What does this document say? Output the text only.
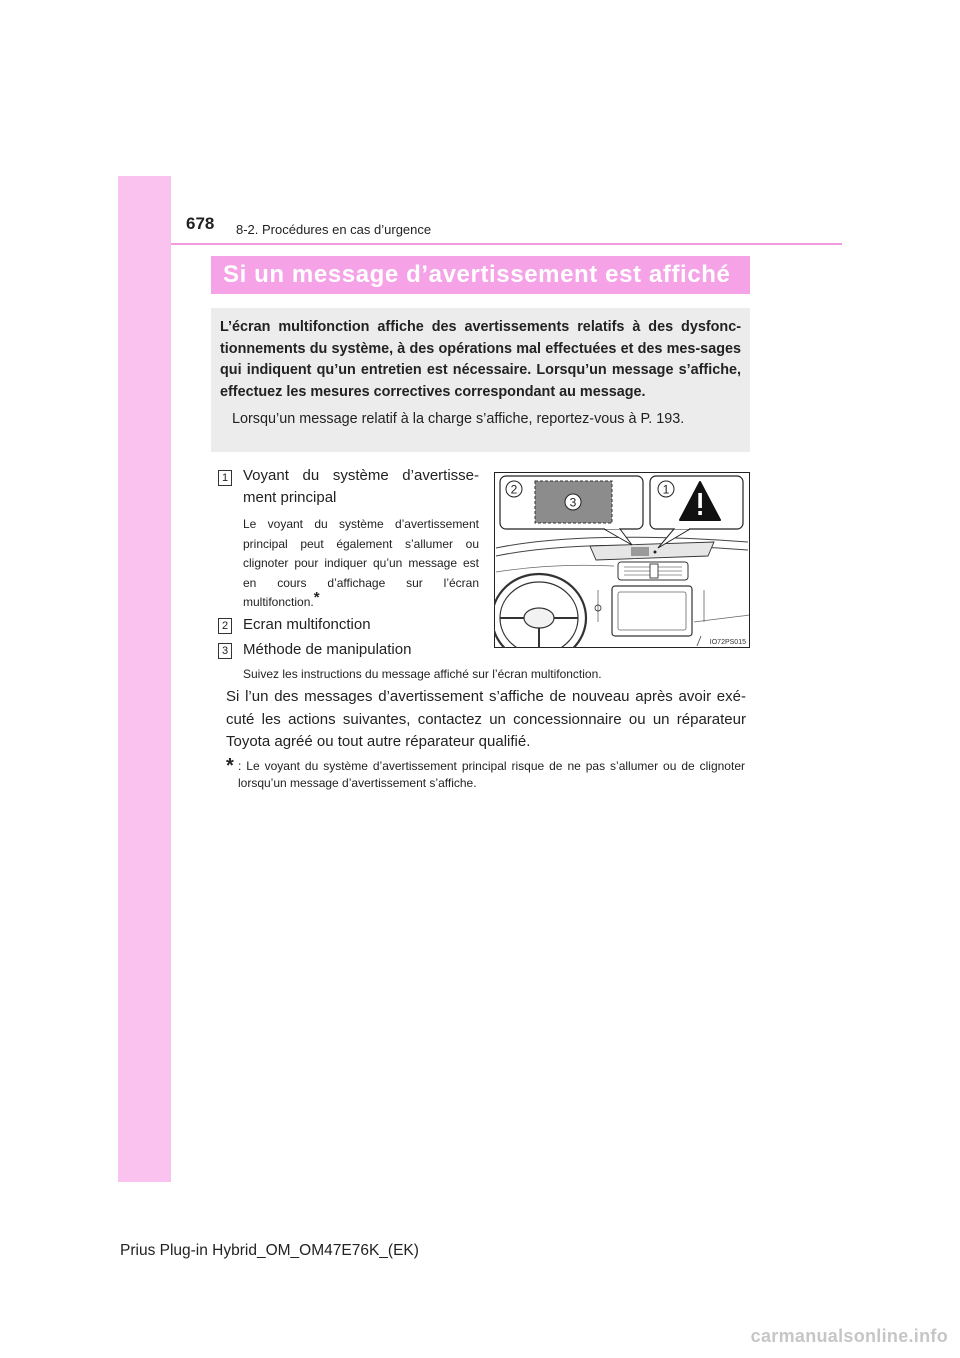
678 8-2. Procédures en cas d’urgence
Si un message d’avertissement est affiché
L’écran multifonction affiche des avertissements relatifs à des dysfonc-tionnements du système, à des opérations mal effectuées et des mes-sages qui indiquent qu’un entretien est nécessaire. Lorsqu’un message s’affiche, effectuez les mesures correctives correspondant au message.
Lorsqu’un message relatif à la charge s’affiche, reportez-vous à P. 193.
1 Voyant du système d’avertisse-
ment principal
Le voyant du système d’avertissement principal peut également s’allumer ou clignoter pour indiquer qu’un message est en cours d’affichage sur l’écran multifonction.*
2 Ecran multifonction
3 Méthode de manipulation
Suivez les instructions du message affiché sur l’écran multifonction.
2
3
1
IO72PS015
Si l’un des messages d’avertissement s’affiche de nouveau après avoir exé-cuté les actions suivantes, contactez un concessionnaire ou un réparateur Toyota agréé ou tout autre réparateur qualifié.
* : Le voyant du système d’avertissement principal risque de ne pas s’allumer ou de clignoter lorsqu’un message d’avertissement s’affiche.
Prius Plug-in Hybrid_OM_OM47E76K_(EK)
carmanualsonline.info
